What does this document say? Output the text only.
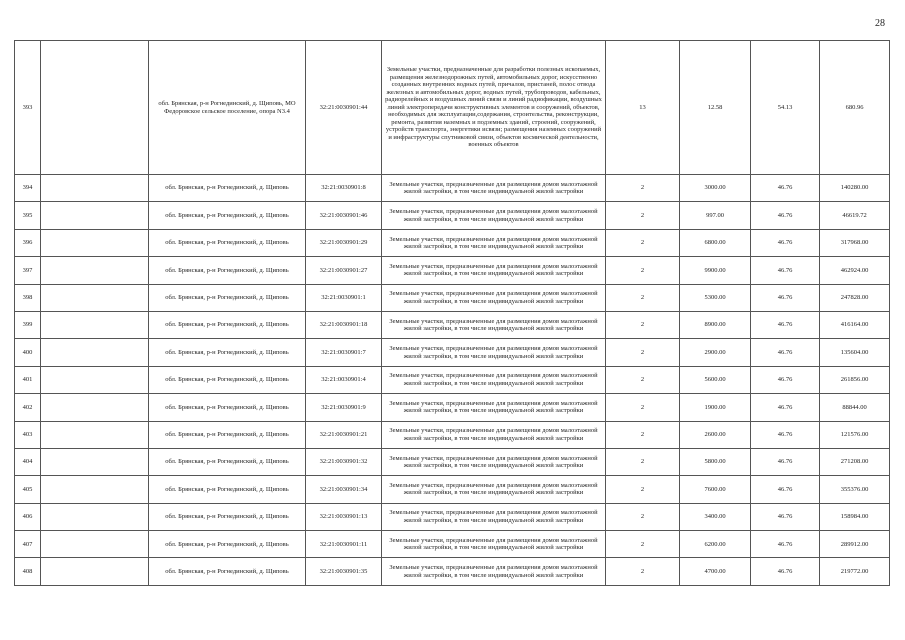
28
393		обл. Брянская, р-н Рогнединский, д. Щиповь, МО Федоровское сельское поселение, опора N3.4	32:21:0030901:44	Земельные участки, предназначенные для разработки полезных ископаемых, размещения железнодорожных путей, автомобильных дорог, искусственно созданных внутренних водных путей, причалов, пристаней, полос отвода железных и автомобильных дорог, водных путей, трубопроводов, кабельных, радиорелейных и воздушных линий связи и линий радиофикации, воздушных линий электропередачи конструктивных элементов и сооружений, объектов, необходимых для эксплуатации,содержания, строительства, реконструкции, ремонта, развития наземных и подземных зданий, строений, сооружений, устройств транспорта, энергетики исвязи; размещения наземных сооружений и инфраструктуры спутниковой связи, объектов космической деятельности, военных объектов	13	12.58	54.13	680.96
394		обл. Брянская, р-н Рогнединский, д. Щиповь	32:21:0030901:8	Земельные участки, предназначенные для размещения домов малоэтажной жилой застройки, в том числе индивидуальной жилой застройки	2	3000.00	46.76	140280.00
395		обл. Брянская, р-н Рогнединский, д. Щиповь	32:21:0030901:46	Земельные участки, предназначенные для размещения домов малоэтажной жилой застройки, в том числе индивидуальной жилой застройки	2	997.00	46.76	46619.72
396		обл. Брянская, р-н Рогнединский, д. Щиповь	32:21:0030901:29	Земельные участки, предназначенные для размещения домов малоэтажной жилой застройки, в том числе индивидуальной жилой застройки	2	6800.00	46.76	317968.00
397		обл. Брянская, р-н Рогнединский, д. Щиповь	32:21:0030901:27	Земельные участки, предназначенные для размещения домов малоэтажной жилой застройки, в том числе индивидуальной жилой застройки	2	9900.00	46.76	462924.00
398		обл. Брянская, р-н Рогнединский, д. Щиповь	32:21:0030901:1	Земельные участки, предназначенные для размещения домов малоэтажной жилой застройки, в том числе индивидуальной жилой застройки	2	5300.00	46.76	247828.00
399		обл. Брянская, р-н Рогнединский, д. Щиповь	32:21:0030901:18	Земельные участки, предназначенные для размещения домов малоэтажной жилой застройки, в том числе индивидуальной жилой застройки	2	8900.00	46.76	416164.00
400		обл. Брянская, р-н Рогнединский, д. Щиповь	32:21:0030901:7	Земельные участки, предназначенные для размещения домов малоэтажной жилой застройки, в том числе индивидуальной жилой застройки	2	2900.00	46.76	135604.00
401		обл. Брянская, р-н Рогнединский, д. Щиповь	32:21:0030901:4	Земельные участки, предназначенные для размещения домов малоэтажной жилой застройки, в том числе индивидуальной жилой застройки	2	5600.00	46.76	261856.00
402		обл. Брянская, р-н Рогнединский, д. Щиповь	32:21:0030901:9	Земельные участки, предназначенные для размещения домов малоэтажной жилой застройки, в том числе индивидуальной жилой застройки	2	1900.00	46.76	88844.00
403		обл. Брянская, р-н Рогнединский, д. Щиповь	32:21:0030901:21	Земельные участки, предназначенные для размещения домов малоэтажной жилой застройки, в том числе индивидуальной жилой застройки	2	2600.00	46.76	121576.00
404		обл. Брянская, р-н Рогнединский, д. Щиповь	32:21:0030901:32	Земельные участки, предназначенные для размещения домов малоэтажной жилой застройки, в том числе индивидуальной жилой застройки	2	5800.00	46.76	271208.00
405		обл. Брянская, р-н Рогнединский, д. Щиповь	32:21:0030901:34	Земельные участки, предназначенные для размещения домов малоэтажной жилой застройки, в том числе индивидуальной жилой застройки	2	7600.00	46.76	355376.00
406		обл. Брянская, р-н Рогнединский, д. Щиповь	32:21:0030901:13	Земельные участки, предназначенные для размещения домов малоэтажной жилой застройки, в том числе индивидуальной жилой застройки	2	3400.00	46.76	158984.00
407		обл. Брянская, р-н Рогнединский, д. Щиповь	32:21:0030901:11	Земельные участки, предназначенные для размещения домов малоэтажной жилой застройки, в том числе индивидуальной жилой застройки	2	6200.00	46.76	289912.00
408		обл. Брянская, р-н Рогнединский, д. Щиповь	32:21:0030901:35	Земельные участки, предназначенные для размещения домов малоэтажной жилой застройки, в том числе индивидуальной жилой застройки	2	4700.00	46.76	219772.00
